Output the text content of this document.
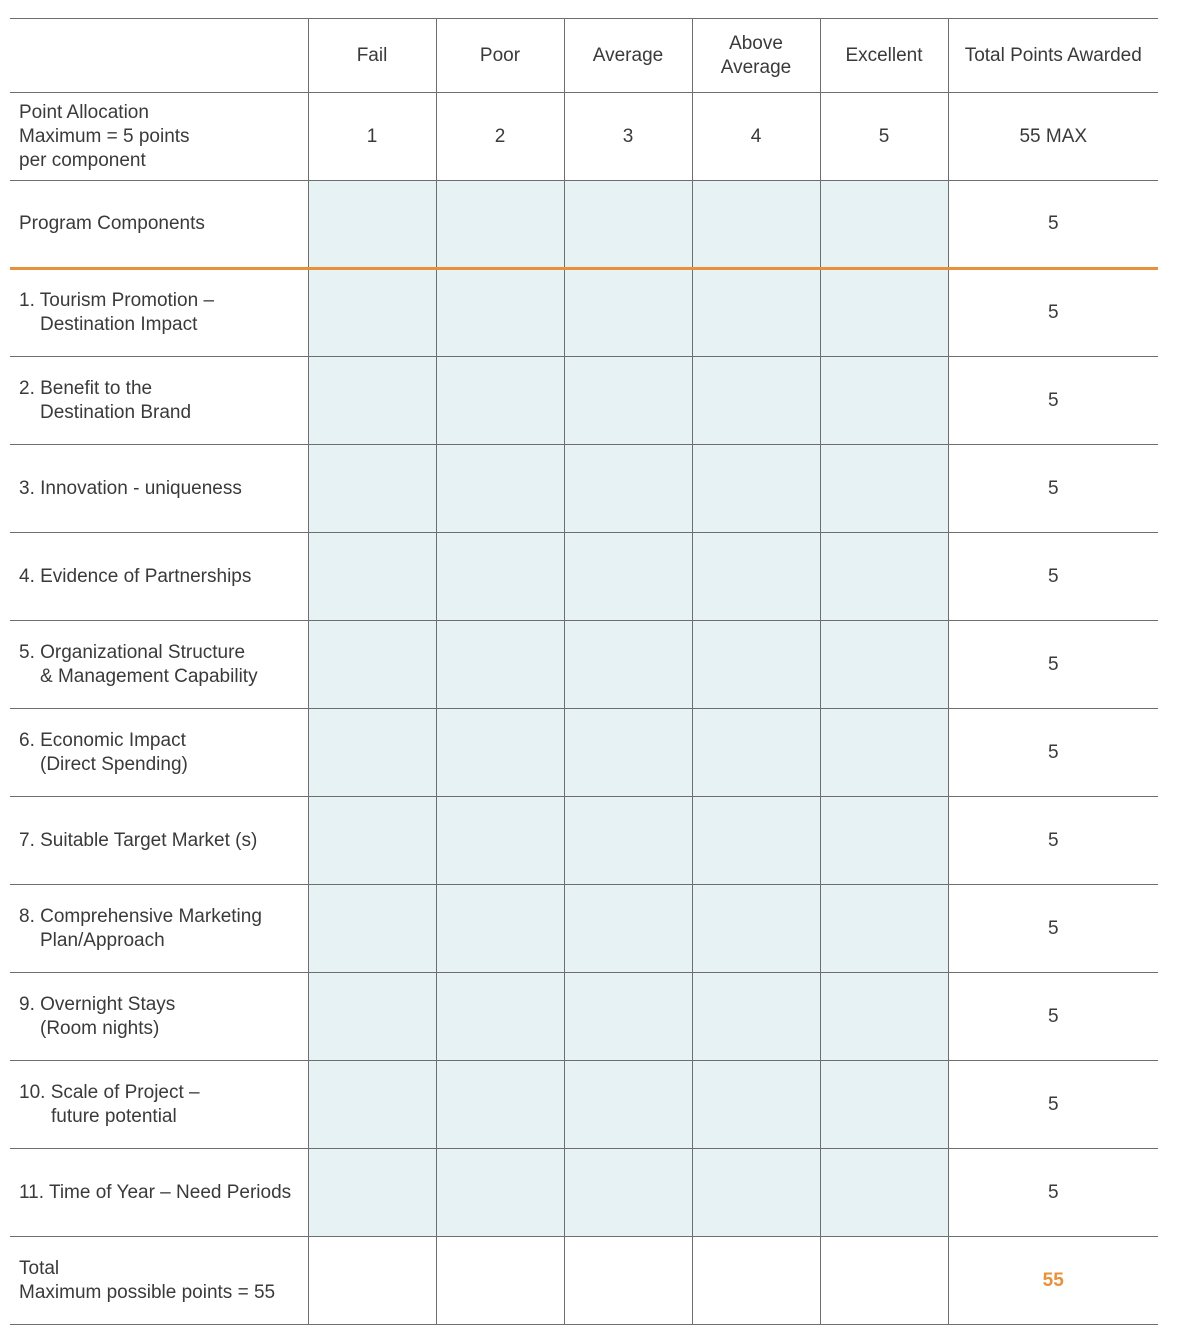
	Fail	Poor	Average	Above
Average	Excellent	Total Points Awarded

Point Allocation
Maximum = 5 points
per component	1	2	3	4	5	55 MAX
Program Components						5

1. Tourism Promotion –
Destination Impact						5

2. Benefit to the
Destination Brand						5

3. Innovation - uniqueness						5

4. Evidence of Partnerships						5

5. Organizational Structure
& Management Capability						5

6. Economic Impact
(Direct Spending)						5

7. Suitable Target Market (s)						5

8. Comprehensive Marketing
Plan/Approach						5

9. Overnight Stays
(Room nights)						5

10. Scale of Project –
future potential						5

11. Time of Year – Need Periods						5

Total
Maximum possible points = 55						55
